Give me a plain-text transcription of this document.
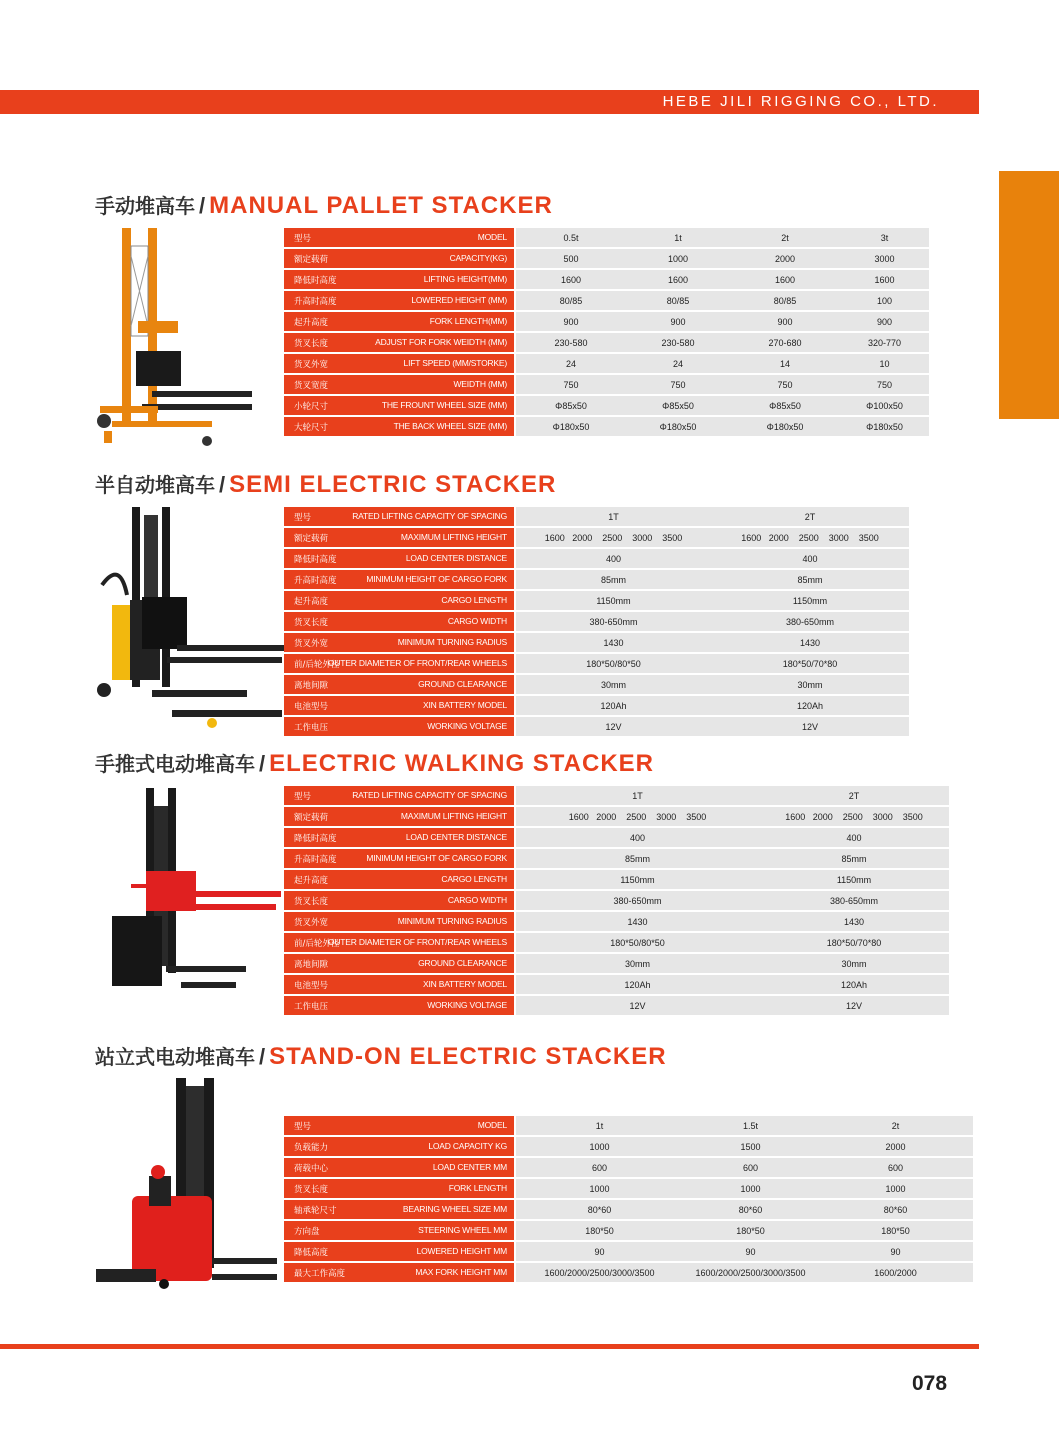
HEBE JILI RIGGING CO., LTD.
手动堆高车 / MANUAL PALLET STACKER
型号 MODEL		0.5t	1t	2t	3t

额定载荷 CAPACITY(KG)		500	1000	2000	3000

降低时高度 LIFTING HEIGHT(MM)		1600	1600	1600	1600

升高时高度 LOWERED HEIGHT (MM)		80/85	80/85	80/85	100

起升高度 FORK LENGTH(MM)		900	900	900	900

货叉长度 ADJUST FOR FORK WEIDTH (MM)		230-580	230-580	270-680	320-770

货叉外宽 LIFT SPEED (MM/STORKE)		24	24	14	10

货叉宽度 WEIDTH (MM)		750	750	750	750

小轮尺寸 THE FROUNT WHEEL SIZE (MM)		Φ85x50	Φ85x50	Φ85x50	Φ100x50

大轮尺寸 THE BACK WHEEL SIZE (MM)		Φ180x50	Φ180x50	Φ180x50	Φ180x50
半自动堆高车 / SEMI ELECTRIC STACKER
型号 RATED LIFTING CAPACITY OF SPACING		1T	2T

额定载荷 MAXIMUM LIFTING HEIGHT		1600   2000    2500    3000    3500	1600   2000    2500    3000    3500

降低时高度 LOAD CENTER DISTANCE		400	400

升高时高度 MINIMUM HEIGHT OF CARGO FORK		85mm	85mm

起升高度 CARGO LENGTH		1150mm	1150mm

货叉长度 CARGO WIDTH		380-650mm	380-650mm

货叉外宽 MINIMUM TURNING RADIUS		1430	1430

前/后轮外径
OUTER DIAMETER OF FRONT/REAR WHEELS		180*50/80*50	180*50/70*80

离地间隙 GROUND CLEARANCE		30mm	30mm

电池型号 XIN BATTERY MODEL		120Ah	120Ah

工作电压 WORKING VOLTAGE		12V	12V
手推式电动堆高车 / ELECTRIC WALKING STACKER
型号 RATED LIFTING CAPACITY OF SPACING		1T	2T

额定载荷 MAXIMUM LIFTING HEIGHT		1600   2000    2500    3000    3500	1600   2000    2500    3000    3500

降低时高度 LOAD CENTER DISTANCE		400	400

升高时高度 MINIMUM HEIGHT OF CARGO FORK		85mm	85mm

起升高度 CARGO LENGTH		1150mm	1150mm

货叉长度 CARGO WIDTH		380-650mm	380-650mm

货叉外宽 MINIMUM TURNING RADIUS		1430	1430

前/后轮外径
OUTER DIAMETER OF FRONT/REAR WHEELS		180*50/80*50	180*50/70*80

离地间隙 GROUND CLEARANCE		30mm	30mm

电池型号 XIN BATTERY MODEL		120Ah	120Ah

工作电压 WORKING VOLTAGE		12V	12V
站立式电动堆高车 / STAND-ON ELECTRIC STACKER
型号 MODEL		1t	1.5t	2t

负载能力 LOAD CAPACITY KG		1000	1500	2000

荷载中心 LOAD CENTER MM		600	600	600

货叉长度 FORK LENGTH		1000	1000	1000

轴承轮尺寸 BEARING WHEEL SIZE MM		80*60	80*60	80*60

方向盘 STEERING WHEEL MM		180*50	180*50	180*50

降低高度 LOWERED HEIGHT MM		90	90	90

最大工作高度 MAX FORK HEIGHT MM		1600/2000/2500/3000/3500	1600/2000/2500/3000/3500	1600/2000
078
